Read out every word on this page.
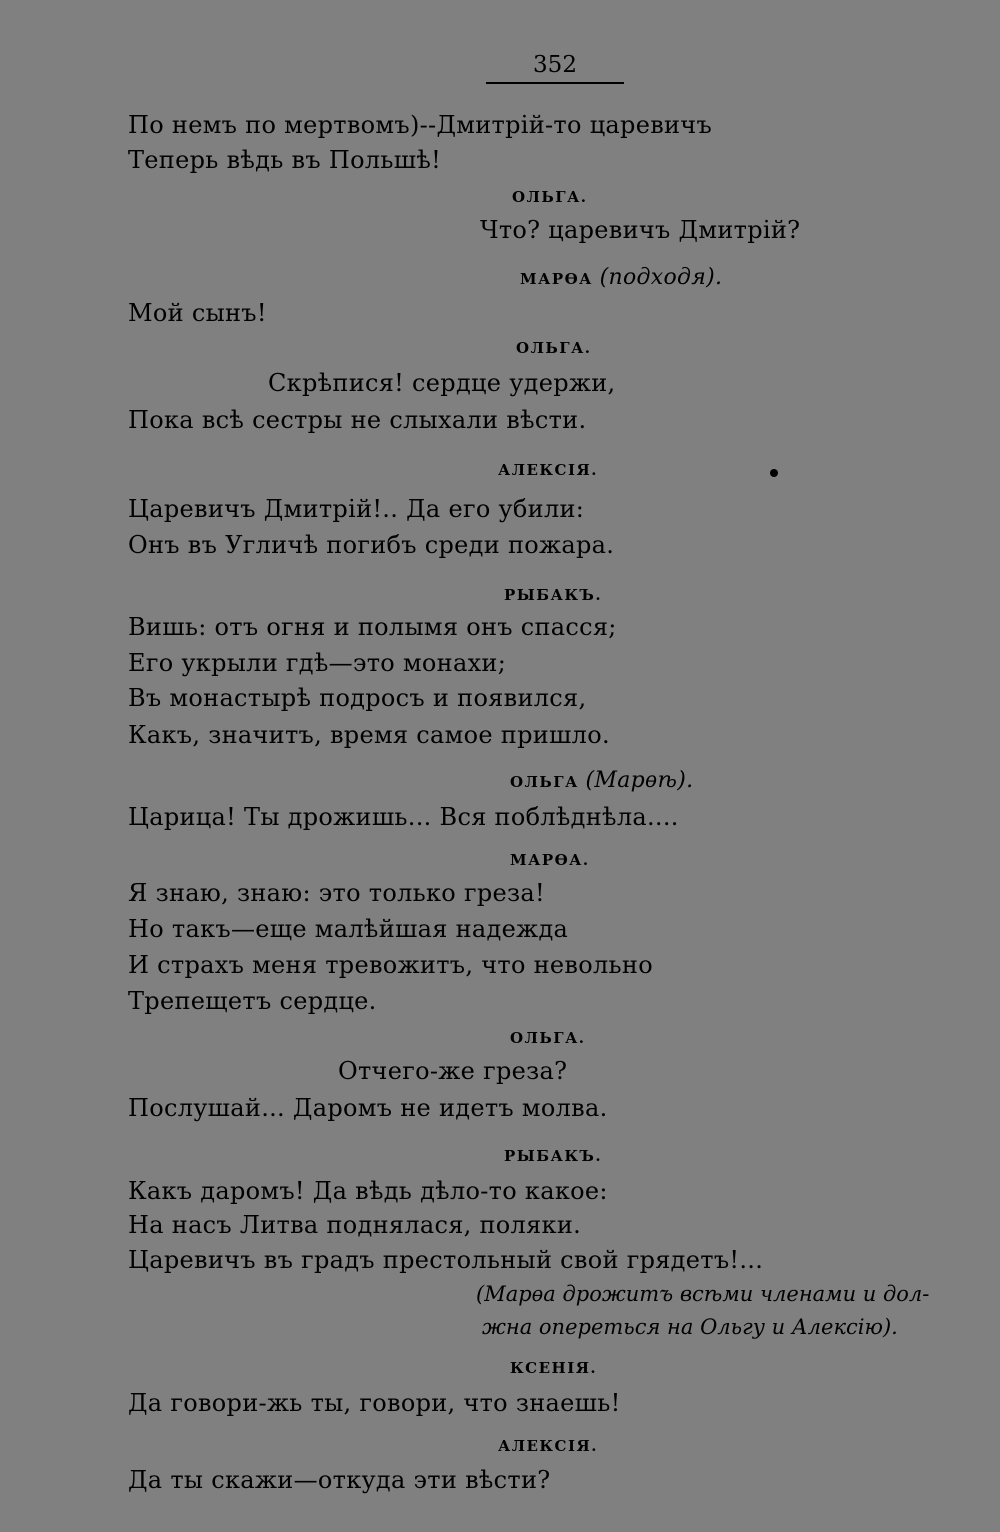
352
По немъ по мертвомъ)--Дмитрій-то царевичъ
Теперь вѣдь въ Польшѣ!
ОЛЬГА.
Что? царевичъ Дмитрій?
МАРѲА (подходя).
Мой сынъ!
ОЛЬГА.
Скрѣпися! сердце удержи,
Пока всѣ сестры не слыхали вѣсти.
АЛЕКСІЯ.
Царевичъ Дмитрій!.. Да его убили:
Онъ въ Угличѣ погибъ среди пожара.
РЫБАКЪ.
Вишь: отъ огня и полымя онъ спасся;
Его укрыли гдѣ—это монахи;
Въ монастырѣ подросъ и появился,
Какъ, значитъ, время самое пришло.
ОЛЬГА (Марѳѣ).
Царица! Ты дрожишь... Вся поблѣднѣла....
МАРѲА.
Я знаю, знаю: это только греза!
Но такъ—еще малѣйшая надежда
И страхъ меня тревожитъ, что невольно
Трепещетъ сердце.
ОЛЬГА.
Отчего-же греза?
Послушай... Даромъ не идетъ молва.
РЫБАКЪ.
Какъ даромъ! Да вѣдь дѣло-то какое:
На насъ Литва поднялася, поляки.
Царевичъ въ градъ престольный свой грядетъ!...
(Марѳа дрожитъ всѣми членами и дол-
жна опереться на Ольгу и Алексію).
КСЕНІЯ.
Да говори-жь ты, говори, что знаешь!
АЛЕКСІЯ.
Да ты скажи—откуда эти вѣсти?
